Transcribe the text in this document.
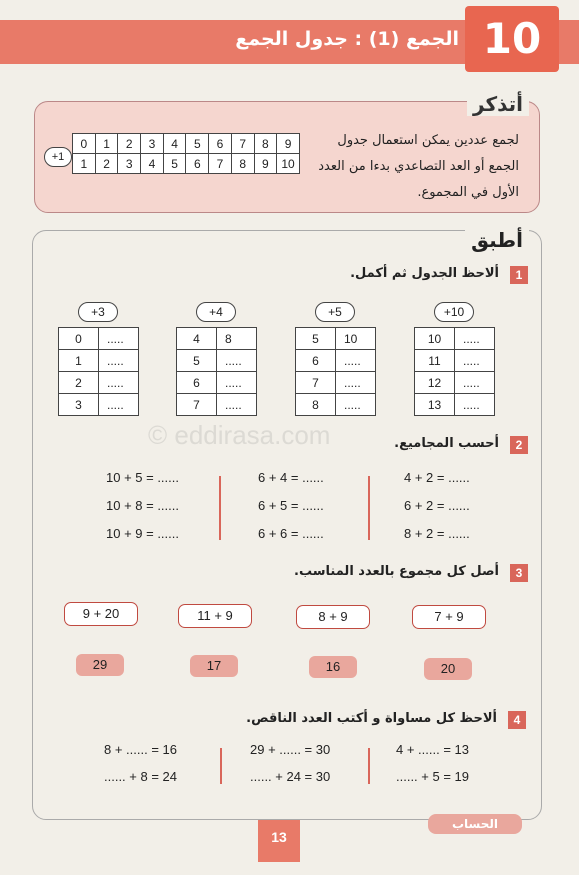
الجمع (1) : جدول الجمع 10
أتذكر
لجمع عددين يمكن استعمال جدول الجمع أو العد التصاعدي بدءا من العدد الأول في المجموع.
+1
0	1	2	3	4	5	6	7	8	9
1	2	3	4	5	6	7	8	9	10
أطبق
© eddirasa.com
1
ألاحظ الجدول ثم أكمل.
+3
0	.....
1	.....
2	.....
3	.....
+4
4	8
5	.....
6	.....
7	.....
+5
5	10
6	.....
7	.....
8	.....
+10
10	.....
11	.....
12	.....
13	.....
2
أحسب المجاميع.
10 + 5 = ......
10 + 8 = ......
10 + 9 = ......
6 + 4 = ......
6 + 5 = ......
6 + 6 = ......
4 + 2 = ......
6 + 2 = ......
8 + 2 = ......
3
أصل كل مجموع بالعدد المناسب.
9 + 20	11 + 9	8 + 9	7 + 9
29	17	16	20
4
ألاحظ كل مساواة و أكتب العدد الناقص.
8 + ...... = 16
...... + 8 = 24
29 + ...... = 30
...... + 24 = 30
4 + ...... = 13
...... + 5 = 19
الحساب
13
